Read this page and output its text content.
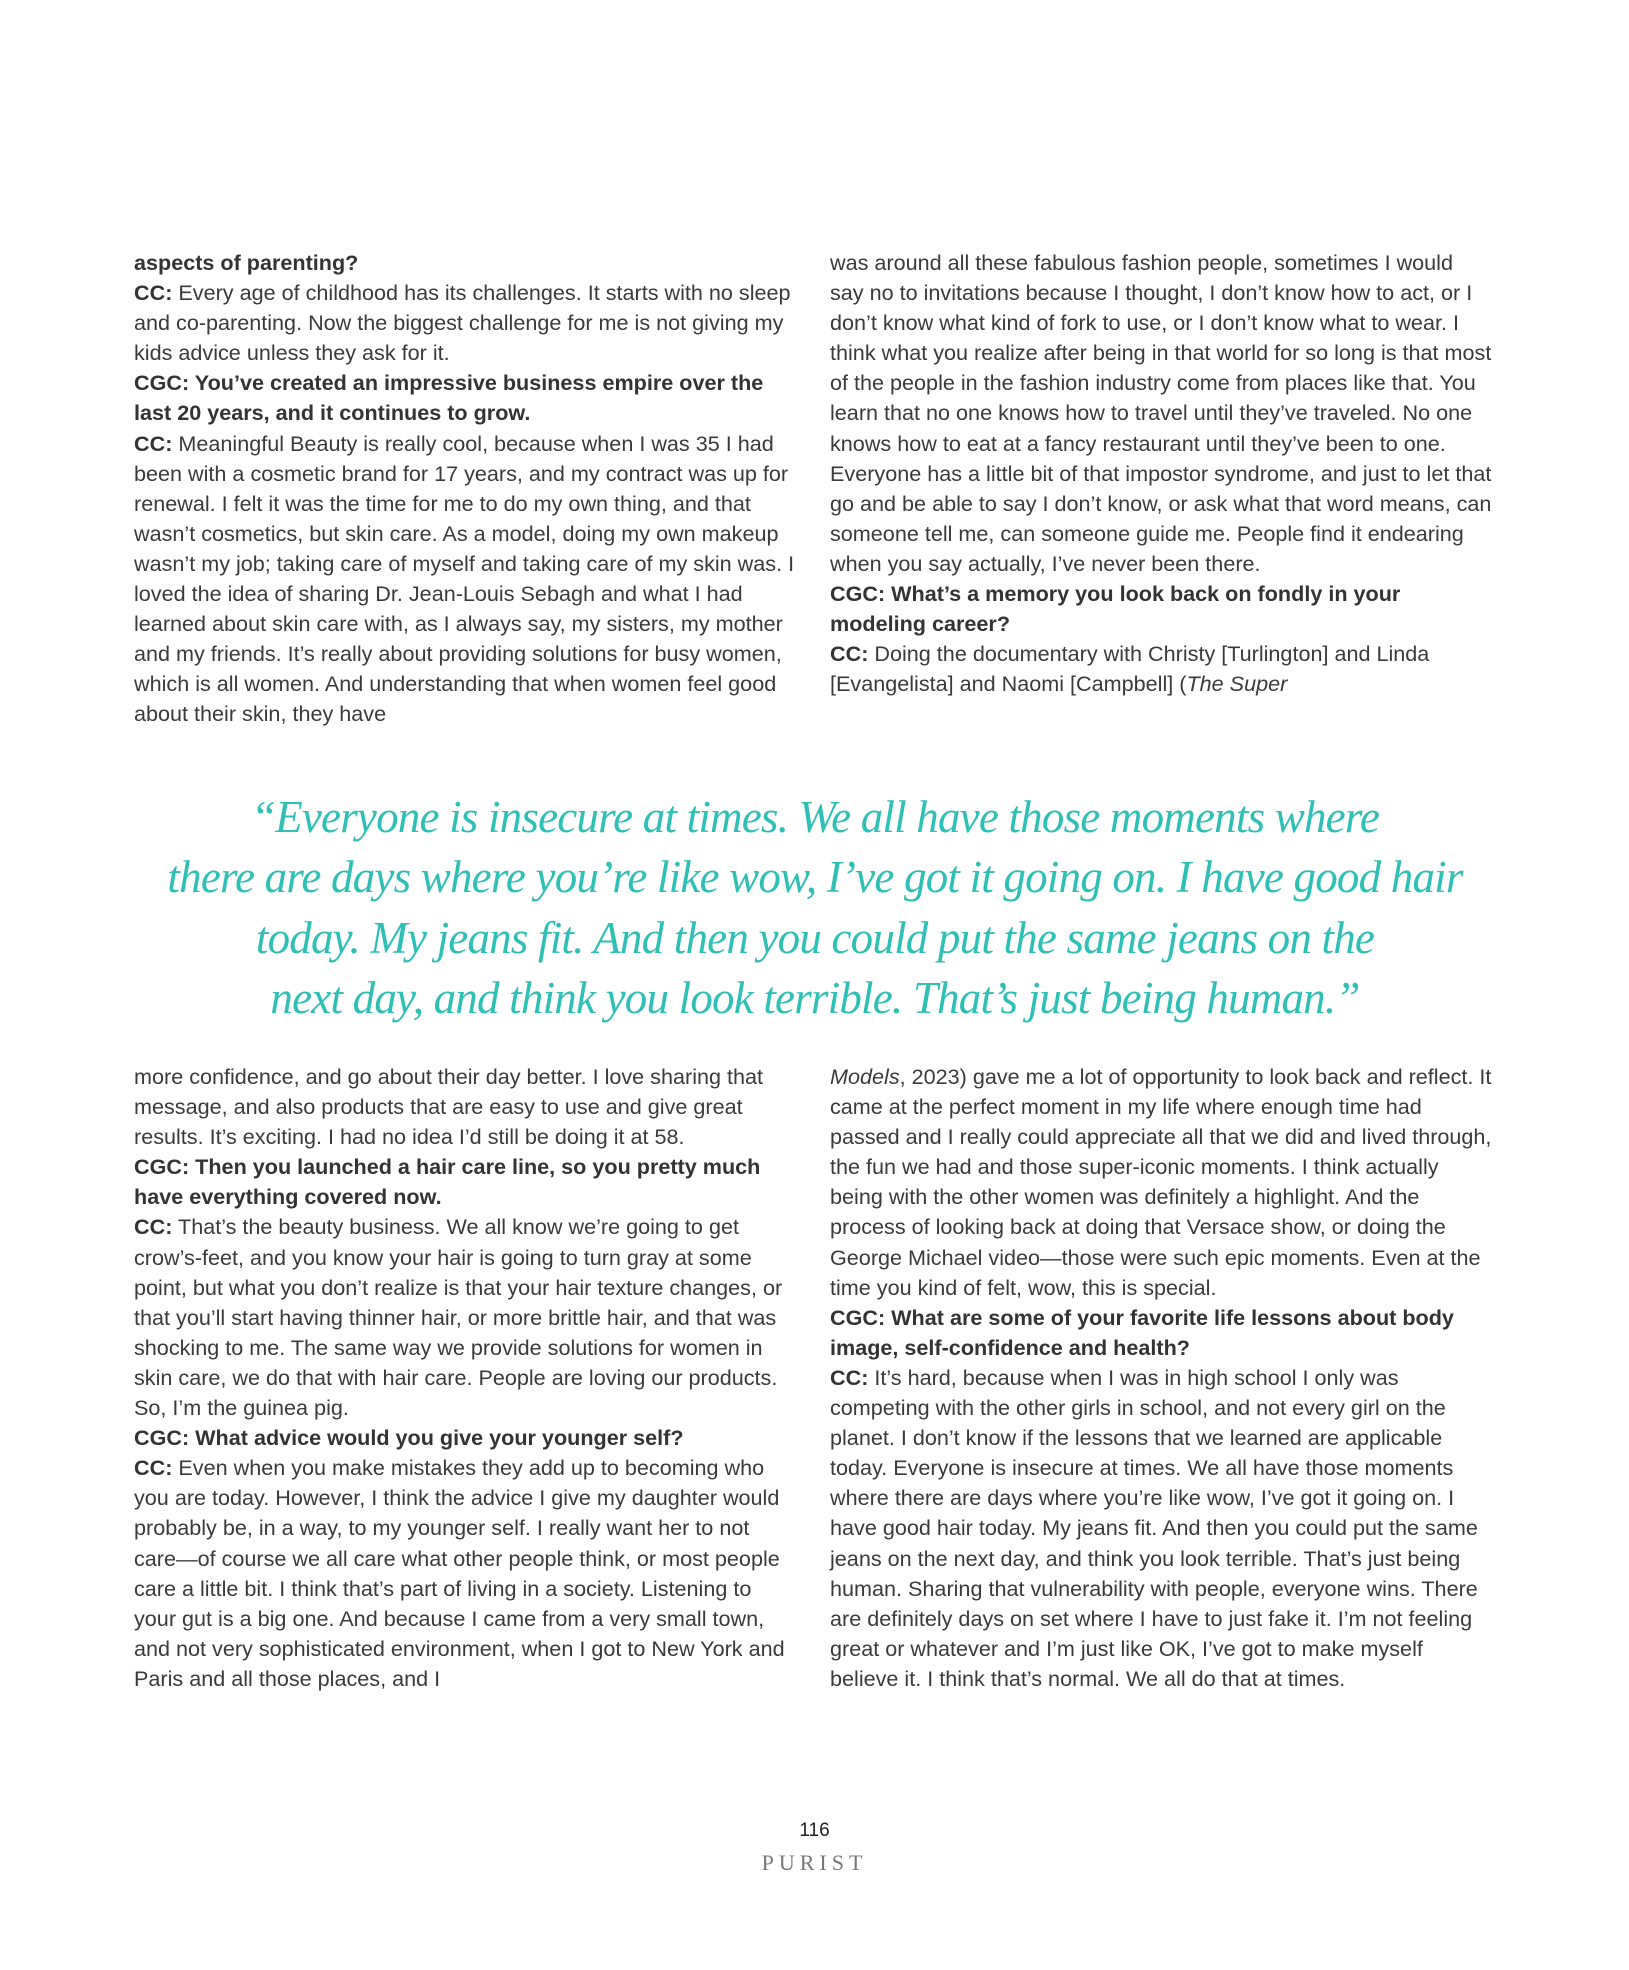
aspects of parenting?

CC: Every age of childhood has its challenges. It starts with no sleep and co-parenting. Now the biggest challenge for me is not giving my kids advice unless they ask for it.

CGC: You’ve created an impressive business empire over the last 20 years, and it continues to grow.

CC: Meaningful Beauty is really cool, because when I was 35 I had been with a cosmetic brand for 17 years, and my contract was up for renewal. I felt it was the time for me to do my own thing, and that wasn’t cosmetics, but skin care. As a model, doing my own makeup wasn’t my job; taking care of myself and taking care of my skin was. I loved the idea of sharing Dr. Jean-Louis Sebagh and what I had learned about skin care with, as I always say, my sisters, my mother and my friends. It’s really about providing solutions for busy women, which is all women. And understanding that when women feel good about their skin, they have

was around all these fabulous fashion people, sometimes I would say no to invitations because I thought, I don’t know how to act, or I don’t know what kind of fork to use, or I don’t know what to wear. I think what you realize after being in that world for so long is that most of the people in the fashion industry come from places like that. You learn that no one knows how to travel until they’ve traveled. No one knows how to eat at a fancy restaurant until they’ve been to one. Everyone has a little bit of that impostor syndrome, and just to let that go and be able to say I don’t know, or ask what that word means, can someone tell me, can someone guide me. People find it endearing when you say actually, I’ve never been there.

CGC: What’s a memory you look back on fondly in your modeling career?

CC: Doing the documentary with Christy [Turlington] and Linda [Evangelista] and Naomi [Campbell] (The Super

“Everyone is insecure at times. We all have those moments where
there are days where you’re like wow, I’ve got it going on. I have good hair
today. My jeans fit. And then you could put the same jeans on the
next day, and think you look terrible. That’s just being human.”

more confidence, and go about their day better. I love sharing that message, and also products that are easy to use and give great results. It’s exciting. I had no idea I’d still be doing it at 58.

CGC: Then you launched a hair care line, so you pretty much have everything covered now.

CC: That’s the beauty business. We all know we’re going to get crow’s-feet, and you know your hair is going to turn gray at some point, but what you don’t realize is that your hair texture changes, or that you’ll start having thinner hair, or more brittle hair, and that was shocking to me. The same way we provide solutions for women in skin care, we do that with hair care. People are loving our products. So, I’m the guinea pig.

CGC: What advice would you give your younger self?

CC: Even when you make mistakes they add up to becoming who you are today. However, I think the advice I give my daughter would probably be, in a way, to my younger self. I really want her to not care—of course we all care what other people think, or most people care a little bit. I think that’s part of living in a society. Listening to your gut is a big one. And because I came from a very small town, and not very sophisticated environment, when I got to New York and Paris and all those places, and I

Models, 2023) gave me a lot of opportunity to look back and reflect. It came at the perfect moment in my life where enough time had passed and I really could appreciate all that we did and lived through, the fun we had and those super-iconic moments. I think actually being with the other women was definitely a highlight. And the process of looking back at doing that Versace show, or doing the George Michael video—those were such epic moments. Even at the time you kind of felt, wow, this is special.

CGC: What are some of your favorite life lessons about body image, self-confidence and health?

CC: It’s hard, because when I was in high school I only was competing with the other girls in school, and not every girl on the planet. I don’t know if the lessons that we learned are applicable today. Everyone is insecure at times. We all have those moments where there are days where you’re like wow, I’ve got it going on. I have good hair today. My jeans fit. And then you could put the same jeans on the next day, and think you look terrible. That’s just being human. Sharing that vulnerability with people, everyone wins. There are definitely days on set where I have to just fake it. I’m not feeling great or whatever and I’m just like OK, I’ve got to make myself believe it. I think that’s normal. We all do that at times.

116
PURIST
